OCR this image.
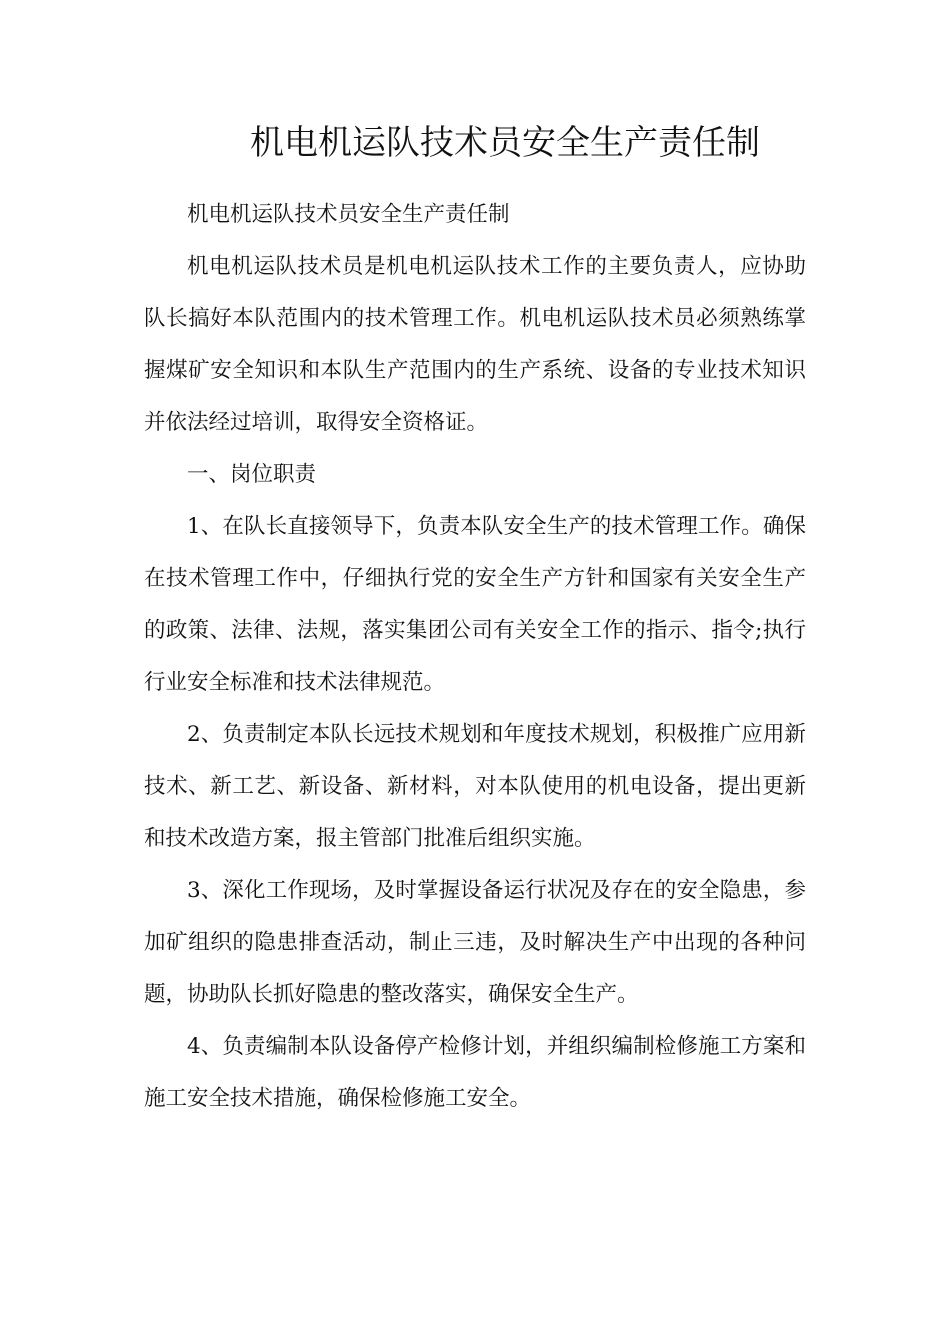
机电机运队技术员安全生产责任制

机电机运队技术员安全生产责任制

机电机运队技术员是机电机运队技术工作的主要负责人，应协助队长搞好本队范围内的技术管理工作。机电机运队技术员必须熟练掌握煤矿安全知识和本队生产范围内的生产系统、设备的专业技术知识并依法经过培训，取得安全资格证。

一、岗位职责

1、在队长直接领导下，负责本队安全生产的技术管理工作。确保在技术管理工作中，仔细执行党的安全生产方针和国家有关安全生产的政策、法律、法规，落实集团公司有关安全工作的指示、指令;执行行业安全标准和技术法律规范。

2、负责制定本队长远技术规划和年度技术规划，积极推广应用新技术、新工艺、新设备、新材料，对本队使用的机电设备，提出更新和技术改造方案，报主管部门批准后组织实施。

3、深化工作现场，及时掌握设备运行状况及存在的安全隐患，参加矿组织的隐患排查活动，制止三违，及时解决生产中出现的各种问题，协助队长抓好隐患的整改落实，确保安全生产。

4、负责编制本队设备停产检修计划，并组织编制检修施工方案和施工安全技术措施，确保检修施工安全。
